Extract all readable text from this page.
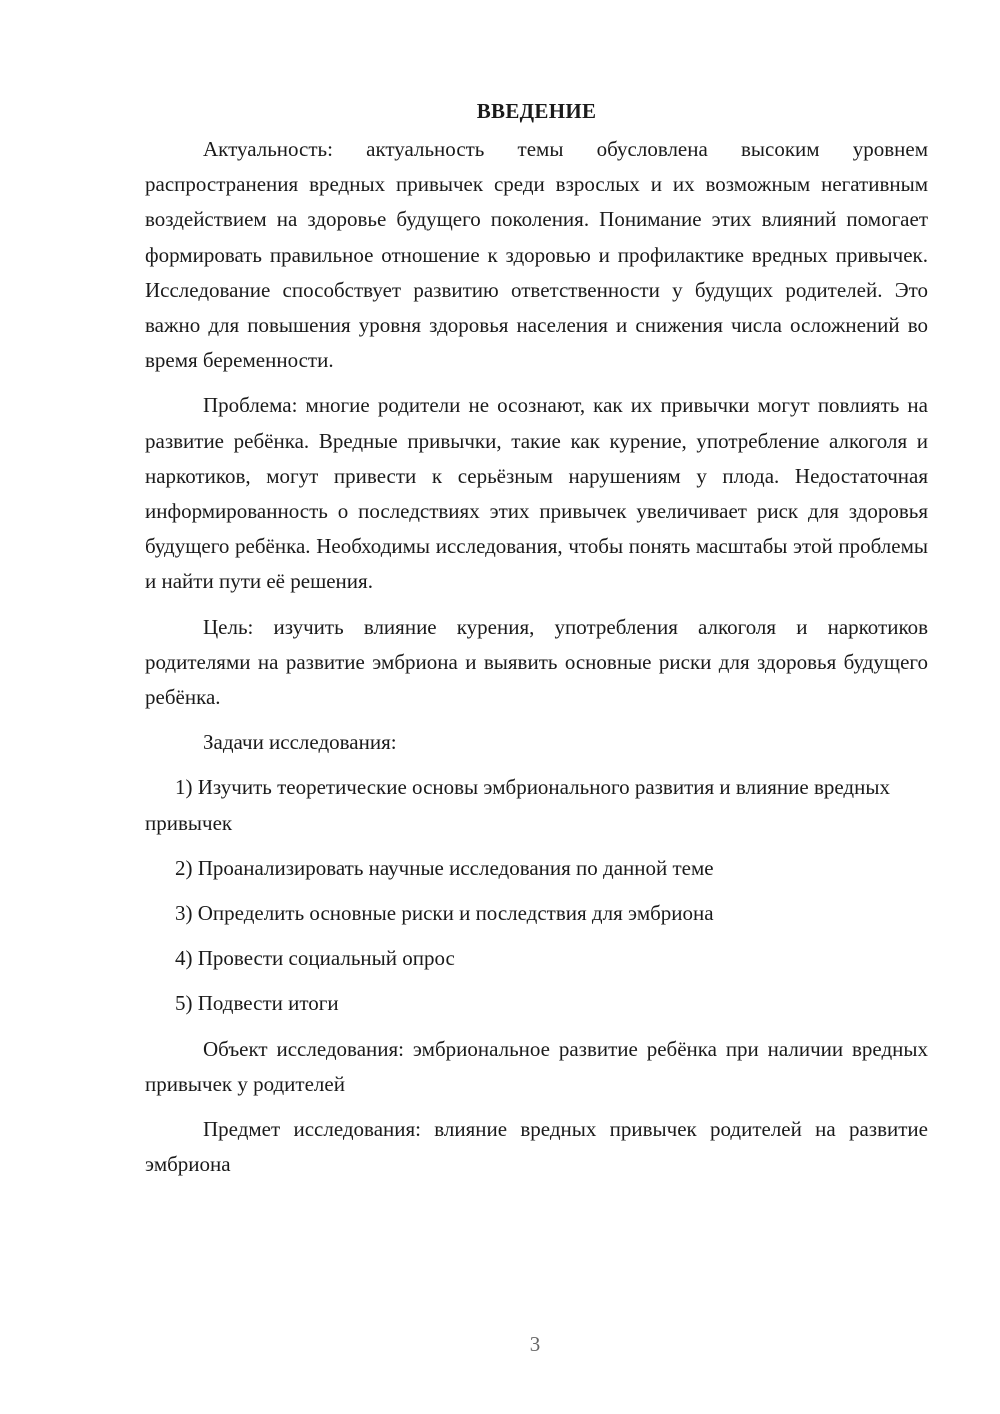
ВВЕДЕНИЕ

Актуальность: актуальность темы обусловлена высоким уровнем распространения вредных привычек среди взрослых и их возможным негативным воздействием на здоровье будущего поколения. Понимание этих влияний помогает формировать правильное отношение к здоровью и профилактике вредных привычек. Исследование способствует развитию ответственности у будущих родителей. Это важно для повышения уровня здоровья населения и снижения числа осложнений во время беременности.

Проблема: многие родители не осознают, как их привычки могут повлиять на развитие ребёнка. Вредные привычки, такие как курение, употребление алкоголя и наркотиков, могут привести к серьёзным нарушениям у плода. Недостаточная информированность о последствиях этих привычек увеличивает риск для здоровья будущего ребёнка. Необходимы исследования, чтобы понять масштабы этой проблемы и найти пути её решения.

Цель: изучить влияние курения, употребления алкоголя и наркотиков родителями на развитие эмбриона и выявить основные риски для здоровья будущего ребёнка.

Задачи исследования:

1) Изучить теоретические основы эмбрионального развития и влияние вредных привычек

2) Проанализировать научные исследования по данной теме

3) Определить основные риски и последствия для эмбриона

4) Провести социальный опрос

5) Подвести итоги

Объект исследования: эмбриональное развитие ребёнка при наличии вредных привычек у родителей

Предмет исследования: влияние вредных привычек родителей на развитие эмбриона

3
